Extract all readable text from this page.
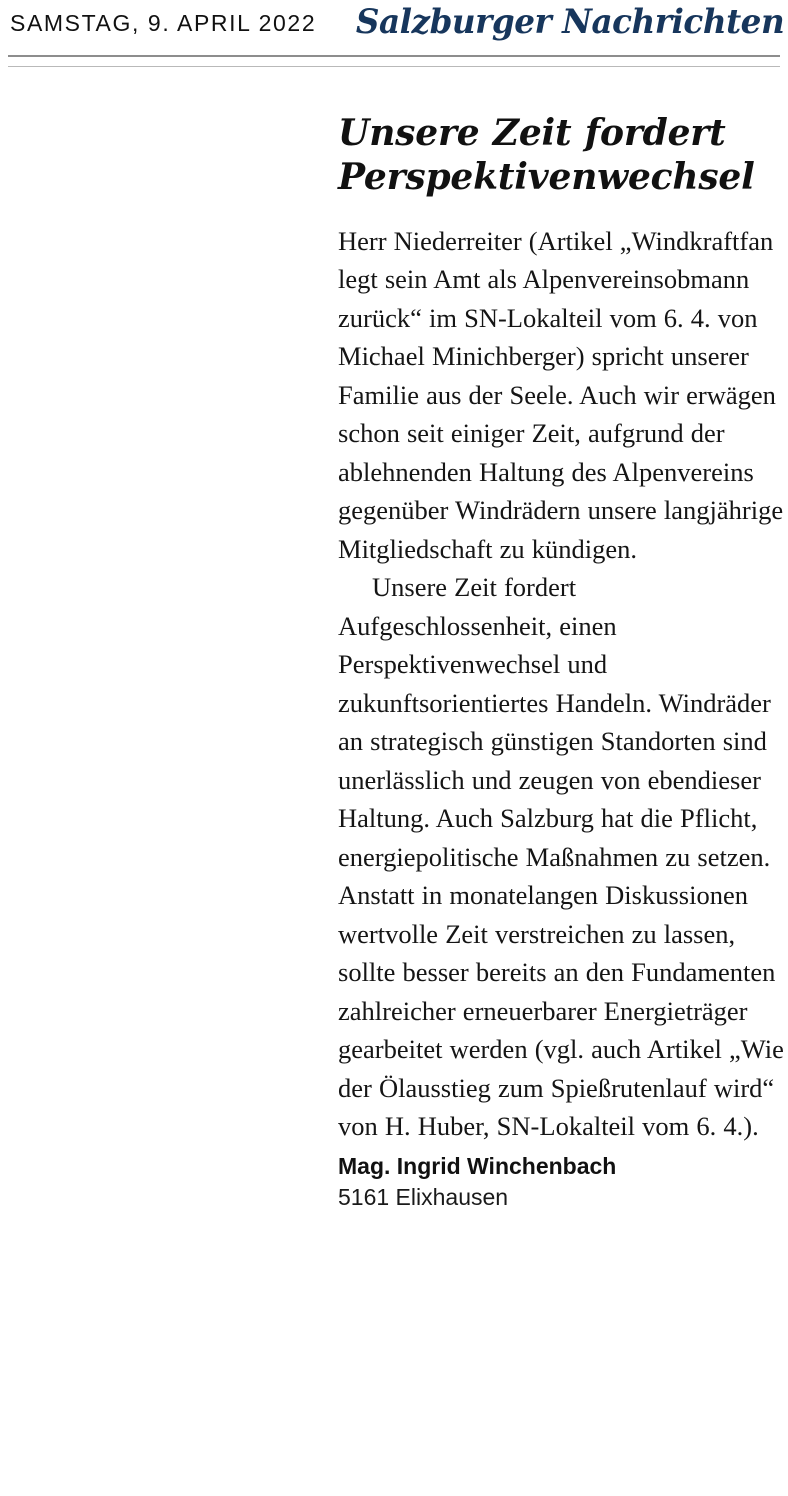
SAMSTAG, 9. APRIL 2022 Salzburger Nachrichten
Unsere Zeit fordert Perspektivenwechsel

Herr Niederreiter (Artikel „Windkraftfan legt sein Amt als Alpenvereinsobmann zurück“ im SN-Lokalteil vom 6. 4. von Michael Minichberger) spricht unserer Familie aus der Seele. Auch wir erwägen schon seit einiger Zeit, aufgrund der ablehnenden Haltung des Alpenvereins gegenüber Windrädern unsere langjährige Mitgliedschaft zu kündigen.

Unsere Zeit fordert Aufgeschlossenheit, einen Perspektivenwechsel und zukunftsorientiertes Handeln. Windräder an strategisch günstigen Standorten sind unerlässlich und zeugen von ebendieser Haltung. Auch Salzburg hat die Pflicht, energiepolitische Maßnahmen zu setzen. Anstatt in monatelangen Diskussionen wertvolle Zeit verstreichen zu lassen, sollte besser bereits an den Fundamenten zahlreicher erneuerbarer Energieträger gearbeitet werden (vgl. auch Artikel „Wie der Ölausstieg zum Spießrutenlauf wird“ von H. Huber, SN-Lokalteil vom 6. 4.).

Mag. Ingrid Winchenbach

5161 Elixhausen
